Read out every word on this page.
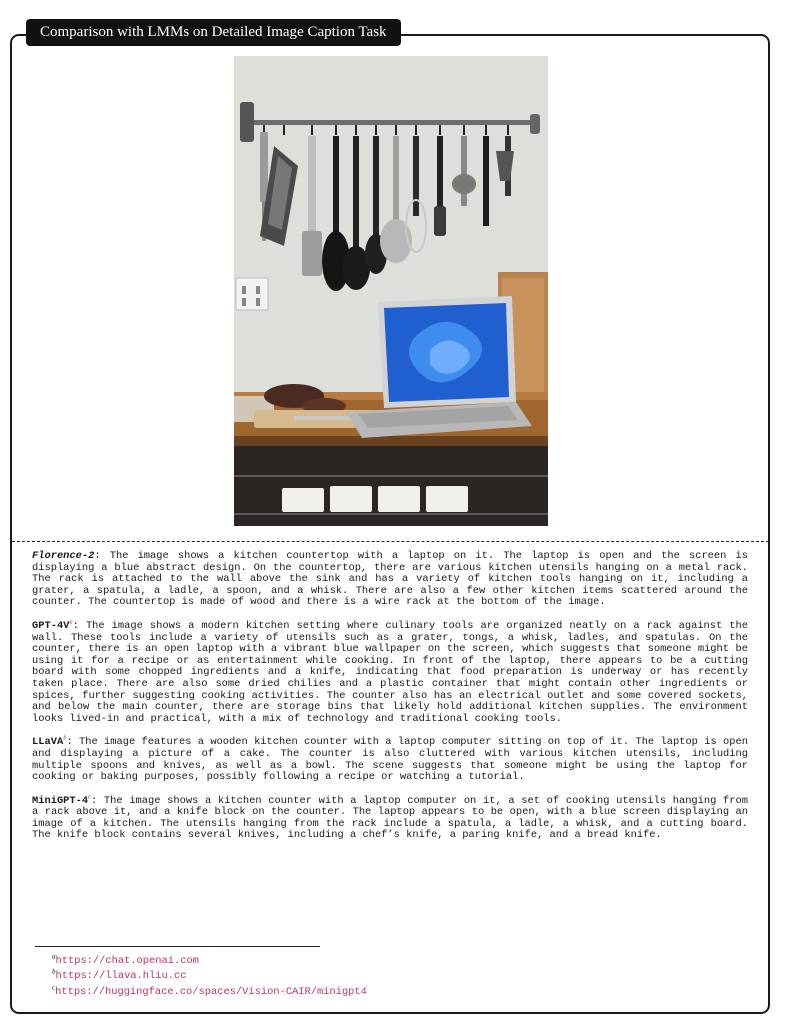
Comparison with LMMs on Detailed Image Caption Task

Florence-2: The image shows a kitchen countertop with a laptop on it. The laptop is open and the screen is displaying a blue abstract design. On the countertop, there are various kitchen utensils hanging on a metal rack. The rack is attached to the wall above the sink and has a variety of kitchen tools hanging on it, including a grater, a spatula, a ladle, a spoon, and a whisk. There are also a few other kitchen items scattered around the counter. The countertop is made of wood and there is a wire rack at the bottom of the image.

GPT-4V$^a$: The image shows a modern kitchen setting where culinary tools are organized neatly on a rack against the wall. These tools include a variety of utensils such as a grater, tongs, a whisk, ladles, and spatulas. On the counter, there is an open laptop with a vibrant blue wallpaper on the screen, which suggests that someone might be using it for a recipe or as entertainment while cooking. In front of the laptop, there appears to be a cutting board with some chopped ingredients and a knife, indicating that food preparation is underway or has recently taken place. There are also some dried chilies and a plastic container that might contain other ingredients or spices, further suggesting cooking activities. The counter also has an electrical outlet and some covered sockets, and below the main counter, there are storage bins that likely hold additional kitchen supplies. The environment looks lived-in and practical, with a mix of technology and traditional cooking tools.

LLaVA$^b$: The image features a wooden kitchen counter with a laptop computer sitting on top of it. The laptop is open and displaying a picture of a cake. The counter is also cluttered with various kitchen utensils, including multiple spoons and knives, as well as a bowl. The scene suggests that someone might be using the laptop for cooking or baking purposes, possibly following a recipe or watching a tutorial.

MiniGPT-4$^c$: The image shows a kitchen counter with a laptop computer on it, a set of cooking utensils hanging from a rack above it, and a knife block on the counter. The laptop appears to be open, with a blue screen displaying an image of a kitchen. The utensils hanging from the rack include a spatula, a ladle, a whisk, and a cutting board. The knife block contains several knives, including a chef’s knife, a paring knife, and a bread knife.

$^a$https://chat.openai.com
$^b$https://llava.hliu.cc
$^c$https://huggingface.co/spaces/Vision-CAIR/minigpt4
